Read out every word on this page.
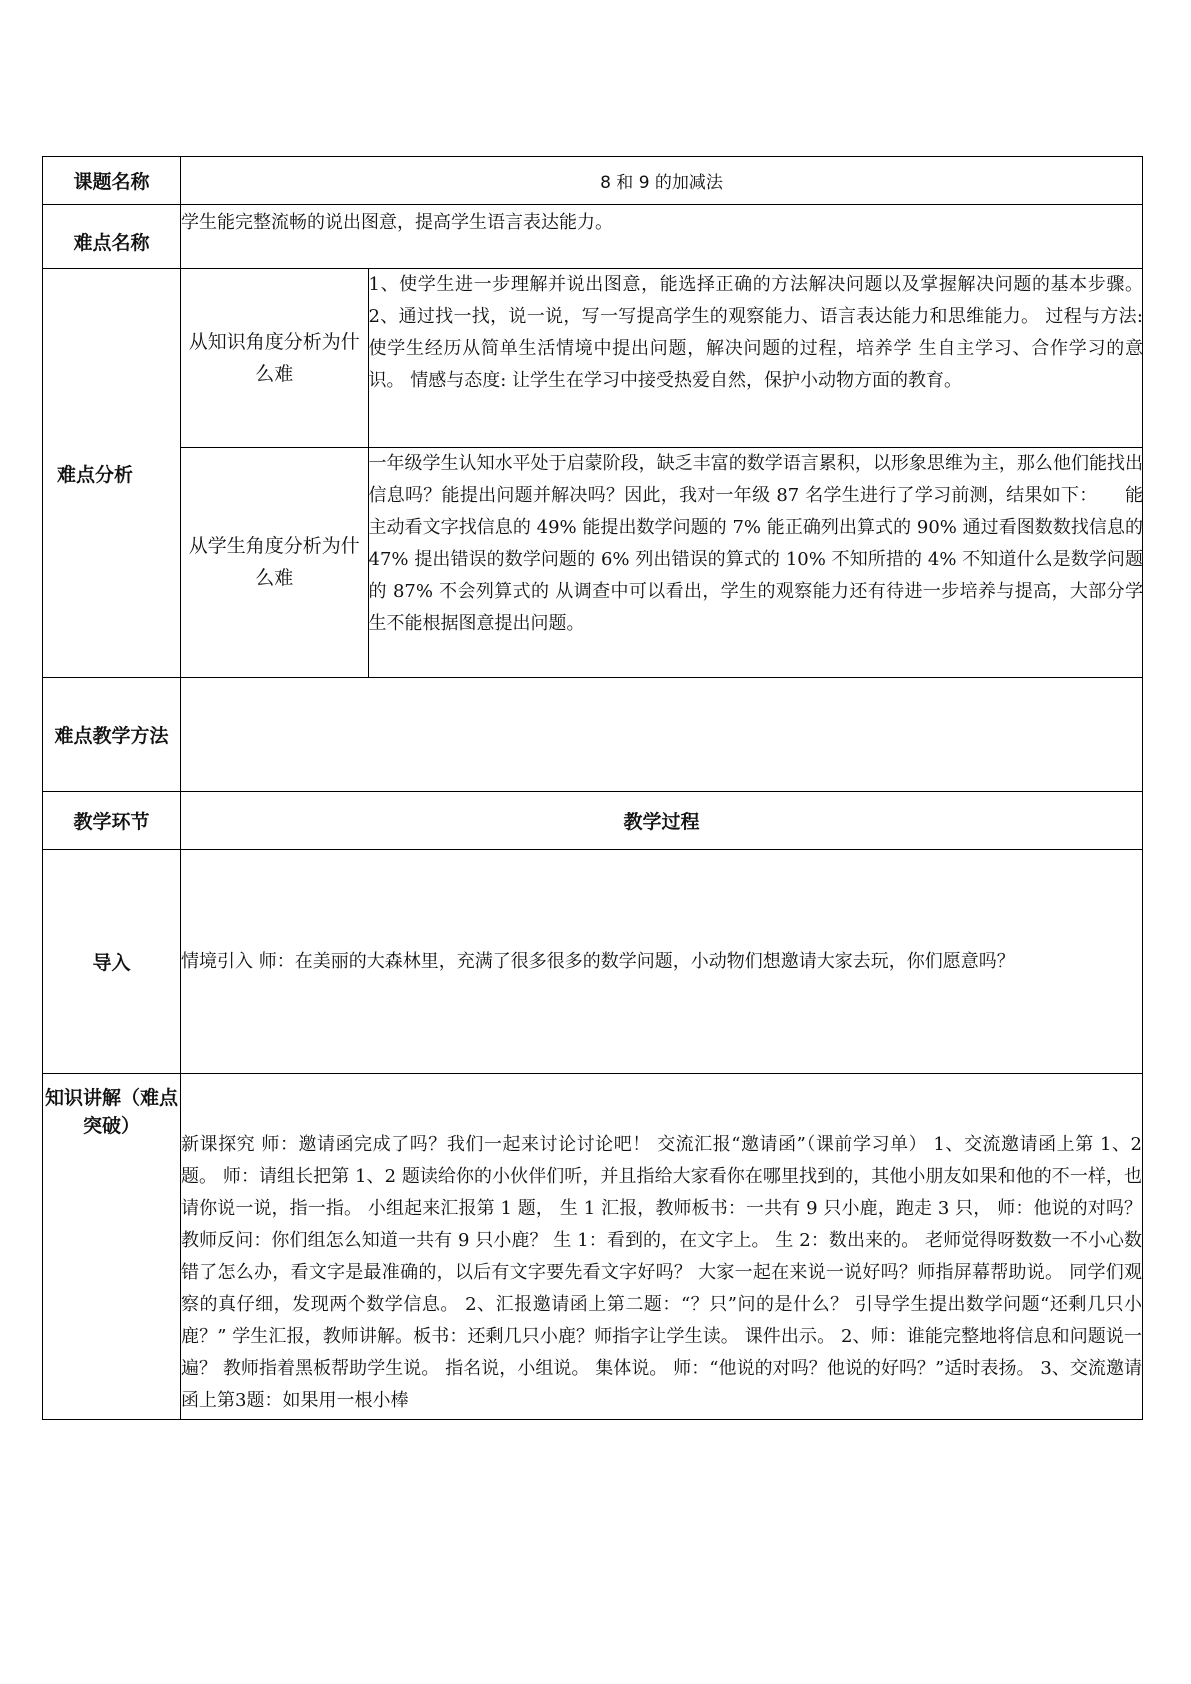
课题名称	8 和 9 的加减法
难点名称	学生能完整流畅的说出图意，提高学生语言表达能力。
难点分析	
从知识角度分析为什么难	1、使学生进一步理解并说出图意，能选择正确的方法解决问题以及掌握解决问题的基本步骤。 2、通过找一找，说一说，写一写提高学生的观察能力、语言表达能力和思维能力。 过程与方法: 使学生经历从简单生活情境中提出问题，解决问题的过程，培养学 生自主学习、合作学习的意识。 情感与态度: 让学生在学习中接受热爱自然，保护小动物方面的教育。
从学生角度分析为什么难	一年级学生认知水平处于启蒙阶段，缺乏丰富的数学语言累积，以形象思维为主，那么他们能找出信息吗？能提出问题并解决吗？因此，我对一年级 87 名学生进行了学习前测，结果如下：　　能主动看文字找信息的 49% 能提出数学问题的 7% 能正确列出算式的 90% 通过看图数数找信息的 47% 提出错误的数学问题的 6% 列出错误的算式的 10% 不知所措的 4% 不知道什么是数学问题的 87% 不会列算式的 从调查中可以看出，学生的观察能力还有待进一步培养与提高，大部分学生不能根据图意提出问题。

难点教学方法	
教学环节	教学过程
导入	情境引入 师：在美丽的大森林里，充满了很多很多的数学问题，小动物们想邀请大家去玩，你们愿意吗？
知识讲解（难点突破）	新课探究 师：邀请函完成了吗？我们一起来讨论讨论吧！ 交流汇报“邀请函”（课前学习单） 1、交流邀请函上第 1、2 题。 师：请组长把第 1、2 题读给你的小伙伴们听，并且指给大家看你在哪里找到的，其他小朋友如果和他的不一样，也请你说一说，指一指。 小组起来汇报第 1 题， 生 1 汇报，教师板书：一共有 9 只小鹿，跑走 3 只， 师：他说的对吗？ 教师反问：你们组怎么知道一共有 9 只小鹿？ 生 1：看到的，在文字上。 生 2：数出来的。 老师觉得呀数数一不小心数错了怎么办，看文字是最准确的，以后有文字要先看文字好吗？ 大家一起在来说一说好吗？师指屏幕帮助说。 同学们观察的真仔细，发现两个数学信息。 2、汇报邀请函上第二题：“？只”问的是什么？ 引导学生提出数学问题“还剩几只小鹿？” 学生汇报，教师讲解。板书：还剩几只小鹿？师指字让学生读。 课件出示。 2、师：谁能完整地将信息和问题说一遍？ 教师指着黑板帮助学生说。 指名说，小组说。 集体说。 师：“他说的对吗？他说的好吗？”适时表扬。 3、交流邀请函上第3题：如果用一根小棒
